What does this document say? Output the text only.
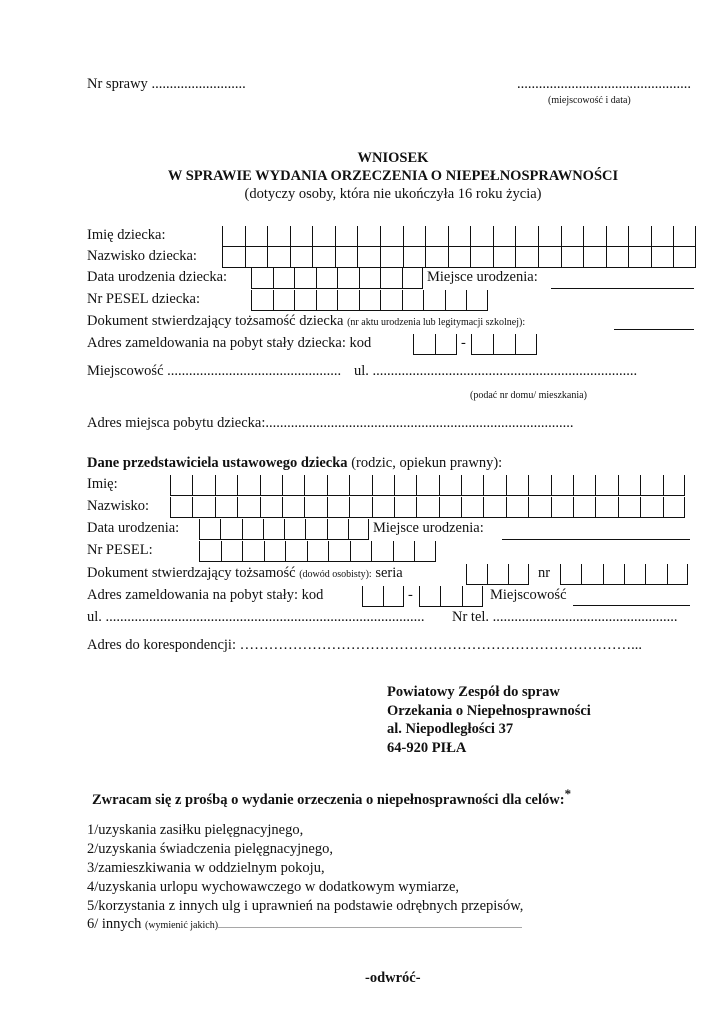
Nr sprawy ..........................	................................................
(miejscowość i data)
WNIOSEK
W SPRAWIE WYDANIA ORZECZENIA O NIEPEŁNOSPRAWNOŚCI
(dotyczy osoby, która nie ukończyła 16 roku życia)
Imię dziecka:
Nazwisko dziecka:
Data urodzenia dziecka:	Miejsce urodzenia:
Nr PESEL dziecka:
Dokument stwierdzający tożsamość dziecka (nr aktu urodzenia lub legitymacji szkolnej):
Adres zameldowania na pobyt stały dziecka: kod	-
Miejscowość ................................................ ul. .........................................................................
(podać nr domu/ mieszkania)
Adres miejsca pobytu dziecka:.....................................................................................
Dane przedstawiciela ustawowego dziecka (rodzic, opiekun prawny):
Imię:
Nazwisko:
Data urodzenia:	Miejsce urodzenia:
Nr PESEL:
Dokument stwierdzający tożsamość (dowód osobisty): seria	nr
Adres zameldowania na pobyt stały: kod	-	Miejscowość
ul. ........................................................................................ Nr tel. ...................................................
Adres do korespondencji: ………………………………………………………………………...
Powiatowy Zespół do spraw
Orzekania o Niepełnosprawności
al. Niepodległości 37
64-920 PIŁA
Zwracam się z prośbą o wydanie orzeczenia o niepełnosprawności dla celów:*
1/uzyskania zasiłku pielęgnacyjnego,
2/uzyskania świadczenia pielęgnacyjnego,
3/zamieszkiwania w oddzielnym pokoju,
4/uzyskania urlopu wychowawczego w dodatkowym wymiarze,
5/korzystania z innych ulg i uprawnień na podstawie odrębnych przepisów,
6/ innych (wymienić jakich)........................................................................................................................................................
-odwróć-
